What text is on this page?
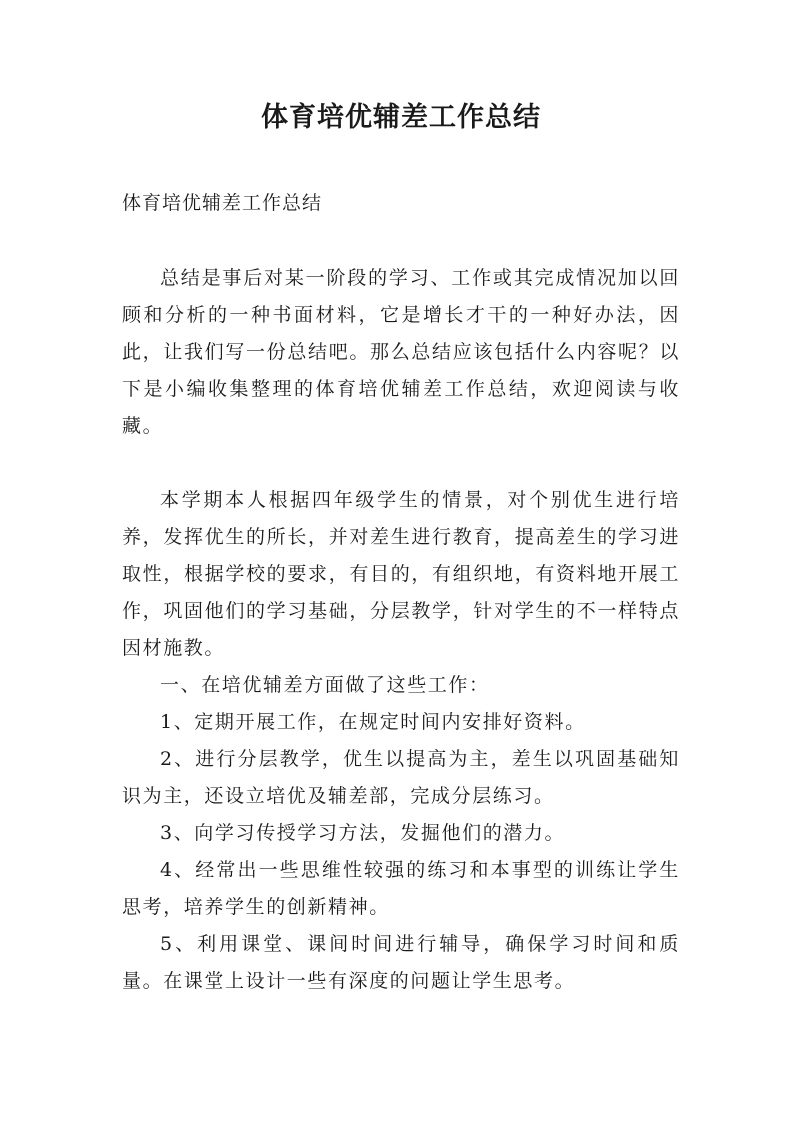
体育培优辅差工作总结
体育培优辅差工作总结

总结是事后对某一阶段的学习、工作或其完成情况加以回顾和分析的一种书面材料，它是增长才干的一种好办法，因此，让我们写一份总结吧。那么总结应该包括什么内容呢？以下是小编收集整理的体育培优辅差工作总结，欢迎阅读与收藏。

本学期本人根据四年级学生的情景，对个别优生进行培养，发挥优生的所长，并对差生进行教育，提高差生的学习进取性，根据学校的要求，有目的，有组织地，有资料地开展工作，巩固他们的学习基础，分层教学，针对学生的不一样特点因材施教。

一、在培优辅差方面做了这些工作：

1、定期开展工作，在规定时间内安排好资料。

2、进行分层教学，优生以提高为主，差生以巩固基础知识为主，还设立培优及辅差部，完成分层练习。

3、向学习传授学习方法，发掘他们的潜力。

4、经常出一些思维性较强的练习和本事型的训练让学生思考，培养学生的创新精神。

5、利用课堂、课间时间进行辅导，确保学习时间和质量。在课堂上设计一些有深度的问题让学生思考。
